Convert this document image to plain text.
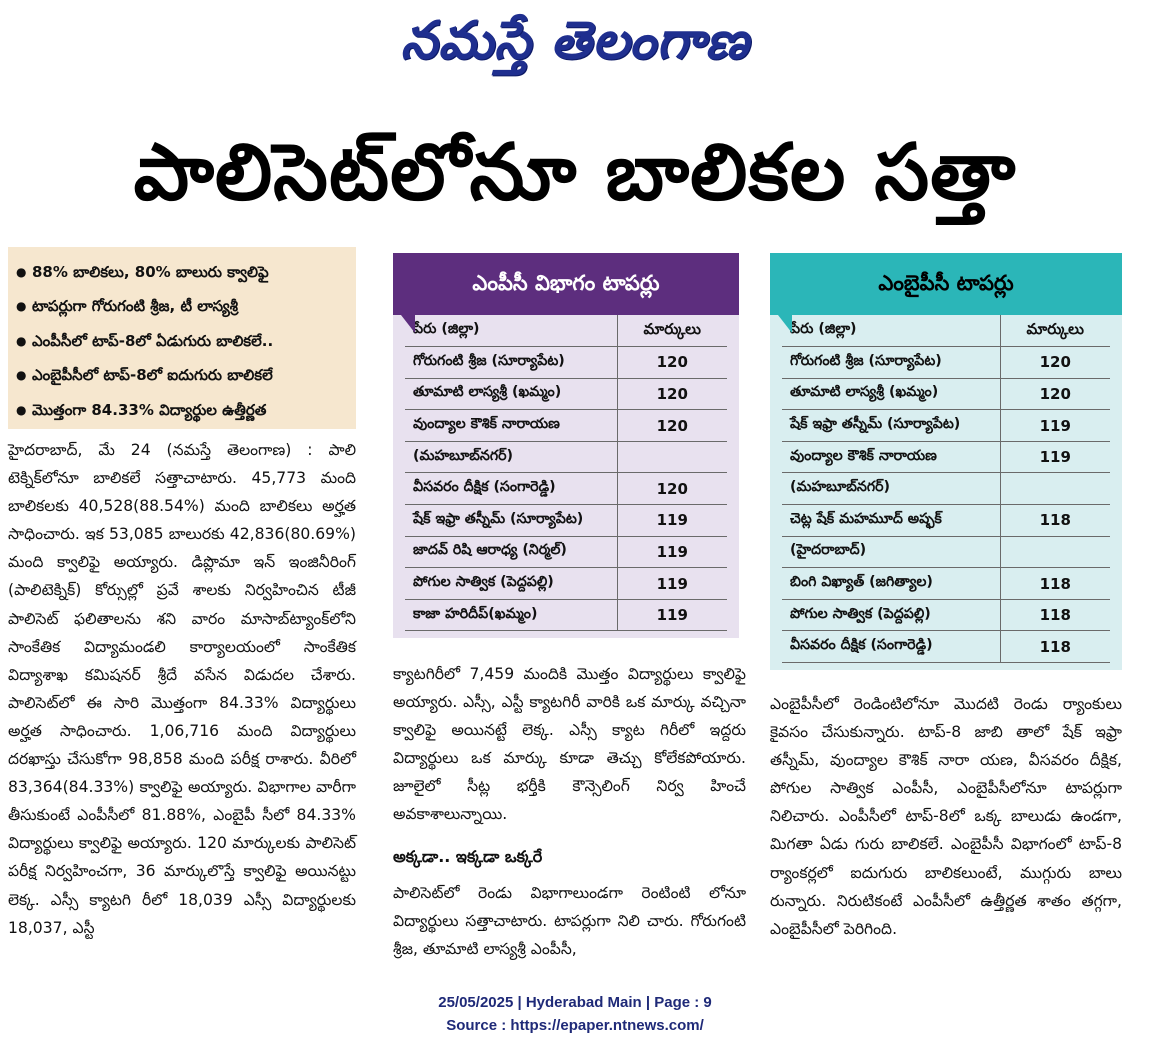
నమస్తే తెలంగాణ
పాలిసెట్‌లోనూ బాలికల సత్తా
● 88% బాలికలు, 80% బాలురు క్వాలిఫై
● టాపర్లుగా గోరుగంటి శ్రీజ, టీ లాస్యశ్రీ
● ఎంపీసీలో టాప్‌-8లో ఏడుగురు బాలికలే..
● ఎంబైపీసీలో టాప్‌-8లో ఐదుగురు బాలికలే
● మొత్తంగా 84.33% విద్యార్థుల ఉత్తీర్ణత

హైదరాబాద్‌, మే 24 (నమస్తే తెలంగాణ) : పాలి టెక్నిక్‌లోనూ బాలికలే సత్తాచాటారు. 45,773 మంది బాలికలకు 40,528(88.54%) మంది బాలికలు అర్హత సాధించారు. ఇక 53,085 బాలురకు 42,836(80.69%) మంది క్వాలిఫై అయ్యారు. డిప్లొమా ఇన్‌ ఇంజినీరింగ్‌ (పాలిటెక్నిక్‌) కోర్సుల్లో ప్రవే శాలకు నిర్వహించిన టీజీ పాలిసెట్‌ ఫలితాలను శని వారం మాసాబ్‌ట్యాంక్‌లోని సాంకేతిక విద్యామండలి కార్యాలయంలో సాంకేతిక విద్యాశాఖ కమిషనర్‌ శ్రీదే వసేన విడుదల చేశారు. పాలిసెట్‌లో ఈ సారి మొత్తంగా 84.33% విద్యార్థులు అర్హత సాధించారు. 1,06,716 మంది విద్యార్థులు దరఖాస్తు చేసుకోగా 98,858 మంది పరీక్ష రాశారు. వీరిలో 83,364(84.33%) క్వాలిఫై అయ్యారు. విభాగాల వారీగా తీసుకుంటే ఎంపీసీలో 81.88%, ఎంబైపీ సీలో 84.33% విద్యార్థులు క్వాలిఫై అయ్యారు. 120 మార్కులకు పాలిసెట్‌ పరీక్ష నిర్వహించగా, 36 మార్కులొస్తే క్వాలిఫై అయినట్టు లెక్క. ఎస్సీ క్యాటగి రీలో 18,039 ఎస్సీ విద్యార్థులకు 18,037, ఎస్టీ

ఎంపీసీ విభాగం టాపర్లు
పేరు (జిల్లా)	మార్కులు
గోరుగంటి శ్రీజ (సూర్యాపేట)	120
తూమాటి లాస్యశ్రీ (ఖమ్మం)	120
వుంద్యాల కౌశిక్‌ నారాయణ	120
(మహబూబ్‌నగర్‌)	
వీసవరం దీక్షిక (సంగారెడ్డి)	120
షేక్‌ ఇఫ్రా తస్నీమ్‌ (సూర్యాపేట)	119
జాదవ్‌ రిషి ఆరాధ్య (నిర్మల్‌)	119
పోగుల సాత్విక (పెద్దపల్లి)	119
కాజా హరిదీప్‌(ఖమ్మం)	119
ఎంబైపీసీ టాపర్లు
పేరు (జిల్లా)	మార్కులు
గోరుగంటి శ్రీజ (సూర్యాపేట)	120
తూమాటి లాస్యశ్రీ (ఖమ్మం)	120
షేక్‌ ఇఫ్రా తస్నీమ్‌ (సూర్యాపేట)	119
వుంద్యాల కౌశిక్‌ నారాయణ	119
(మహబూబ్‌నగర్‌)	
చెట్ల షేక్‌ మహమూద్‌ అష్ఫక్‌	118
(హైదరాబాద్‌)	
బింగి విఖ్యాత్‌ (జగిత్యాల)	118
పోగుల సాత్విక (పెద్దపల్లి)	118
వీసవరం దీక్షిక (సంగారెడ్డి)	118

క్యాటగిరీలో 7,459 మందికి మొత్తం విద్యార్థులు క్వాలిఫై అయ్యారు. ఎస్సీ, ఎస్టీ క్యాటగిరీ వారికి ఒక మార్కు వచ్చినా క్వాలిఫై అయినట్టే లెక్క. ఎస్సీ క్యాట గిరీలో ఇద్దరు విద్యార్థులు ఒక మార్కు కూడా తెచ్చు కోలేకపోయారు. జూలైలో సీట్ల భర్తీకి కౌన్సెలింగ్‌ నిర్వ హించే అవకాశాలున్నాయి.

అక్కడా.. ఇక్కడా ఒక్కరే

పాలిసెట్‌లో రెండు విభాగాలుండగా రెంటింటి లోనూ విద్యార్థులు సత్తాచాటారు. టాపర్లుగా నిలి చారు. గోరుగంటి శ్రీజ, తూమాటి లాస్యశ్రీ ఎంపీసీ,

ఎంబైపీసీలో రెండింటిలోనూ మొదటి రెండు ర్యాంకులు కైవసం చేసుకున్నారు. టాప్‌-8 జాబి తాలో షేక్‌ ఇఫ్రా తస్నీమ్‌, వుంద్యాల కౌశిక్‌ నారా యణ, వీసవరం దీక్షిక, పోగుల సాత్విక ఎంపీసీ, ఎంబైపీసీలోనూ టాపర్లుగా నిలిచారు. ఎంపీసీలో టాప్‌-8లో ఒక్క బాలుడు ఉండగా, మిగతా ఏడు గురు బాలికలే. ఎంబైపీసీ విభాగంలో టాప్‌-8 ర్యాంకర్లలో ఐదుగురు బాలికలుంటే, ముగ్గురు బాలు రున్నారు. నిరుటికంటే ఎంపీసీలో ఉత్తీర్ణత శాతం తగ్గగా, ఎంబైపీసీలో పెరిగింది.

25/05/2025 | Hyderabad Main | Page : 9
Source : https://epaper.ntnews.com/
